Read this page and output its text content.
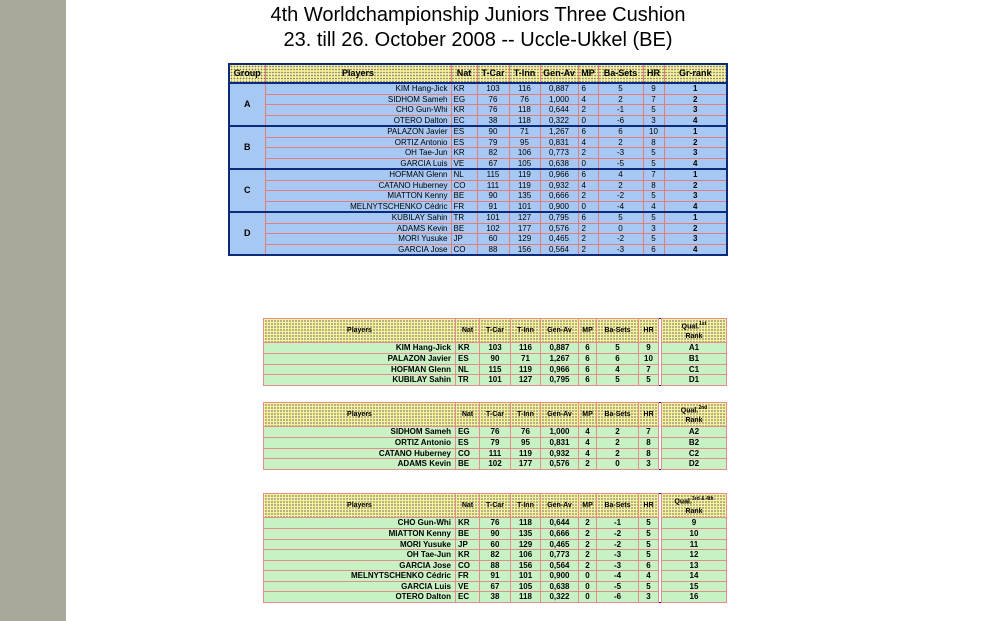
4th Worldchampionship Juniors Three Cushion
23. till 26. October 2008 -- Uccle-Ukkel (BE)
Group	Players	Nat	T-Car	T-Inn	Gen-Av	MP	Ba-Sets	HR	Gr-rank
A	KIM Hang-Jick	KR	103	116	0,887	6	5	9	1
	SIDHOM Sameh	EG	76	76	1,000	4	2	7	2
	CHO Gun-Whi	KR	76	118	0,644	2	-1	5	3
	OTERO Dalton	EC	38	118	0,322	0	-6	3	4
B	PALAZON Javier	ES	90	71	1,267	6	6	10	1
	ORTIZ Antonio	ES	79	95	0,831	4	2	8	2
	OH Tae-Jun	KR	82	106	0,773	2	-3	5	3
	GARCIA Luis	VE	67	105	0,638	0	-5	5	4
C	HOFMAN Glenn	NL	115	119	0,966	6	4	7	1
	CATANO Huberney	CO	111	119	0,932	4	2	8	2
	MIATTON Kenny	BE	90	135	0,666	2	-2	5	3
	MELNYTSCHENKO Cédric	FR	91	101	0,900	0	-4	4	4
D	KUBILAY Sahin	TR	101	127	0,795	6	5	5	1
	ADAMS Kevin	BE	102	177	0,576	2	0	3	2
	MORI Yusuke	JP	60	129	0,465	2	-2	5	3
	GARCIA Jose	CO	88	156	0,564	2	-3	6	4
Players	Nat	T-Car	T-Inn	Gen-Av	MP	Ba-Sets	HR		Qual.$^{1st}$
Rank
KIM Hang-Jick	KR	103	116	0,887	6	5	9		A1
PALAZON Javier	ES	90	71	1,267	6	6	10		B1
HOFMAN Glenn	NL	115	119	0,966	6	4	7		C1
KUBILAY Sahin	TR	101	127	0,795	6	5	5		D1
Players	Nat	T-Car	T-Inn	Gen-Av	MP	Ba-Sets	HR		Qual.$^{2nd}$
Rank
SIDHOM Sameh	EG	76	76	1,000	4	2	7		A2
ORTIZ Antonio	ES	79	95	0,831	4	2	8		B2
CATANO Huberney	CO	111	119	0,932	4	2	8		C2
ADAMS Kevin	BE	102	177	0,576	2	0	3		D2
Players	Nat	T-Car	T-Inn	Gen-Av	MP	Ba-Sets	HR		Qual.$^{3rd \& 4th}$
Rank
CHO Gun-Whi	KR	76	118	0,644	2	-1	5		9
MIATTON Kenny	BE	90	135	0,666	2	-2	5		10
MORI Yusuke	JP	60	129	0,465	2	-2	5		11
OH Tae-Jun	KR	82	106	0,773	2	-3	5		12
GARCIA Jose	CO	88	156	0,564	2	-3	6		13
MELNYTSCHENKO Cédric	FR	91	101	0,900	0	-4	4		14
GARCIA Luis	VE	67	105	0,638	0	-5	5		15
OTERO Dalton	EC	38	118	0,322	0	-6	3		16
